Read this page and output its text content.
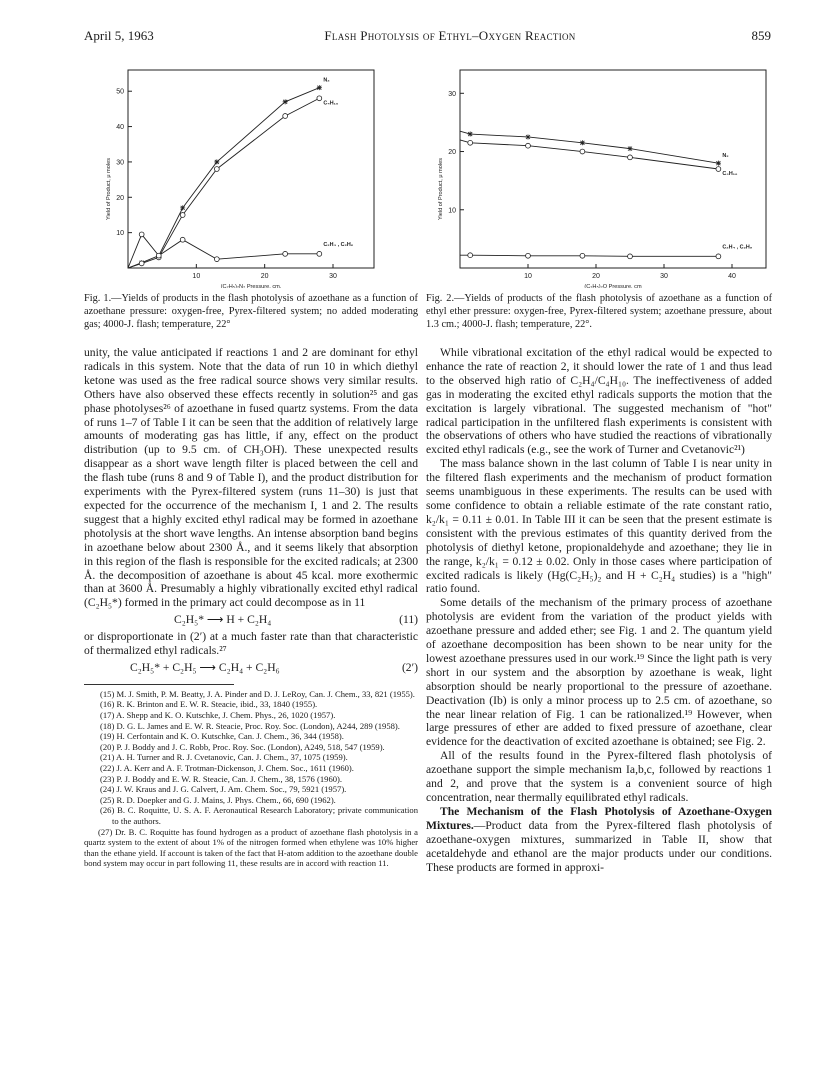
April 5, 1963	Flash Photolysis of Ethyl–Oxygen Reaction	859
10	20	30
10
20
30
40
50
(C₂H₅)₂N₂ Pressure, cm.
Yield of Product, μ moles
N₂
C₄H₁₀
C₂H₄ , C₂H₆
Fig. 1.—Yields of products in the flash photolysis of azoethane as a function of azoethane pressure: oxygen-free, Pyrex-filtered system; no added moderating gas; 4000-J. flash; temperature, 22°
10	20	30	40
10
20
30
(C₂H₅)₂O Pressure, cm
Yield of Product, μ moles
N₂
C₄H₁₀
C₂H₄ , C₂H₆
Fig. 2.—Yields of products of the flash photolysis of azoethane as a function of ethyl ether pressure: oxygen-free, Pyrex-filtered system; azoethane pressure, about 1.3 cm.; 4000-J. flash; temperature, 22°.

unity, the value anticipated if reactions 1 and 2 are dominant for ethyl radicals in this system. Note that the data of run 10 in which diethyl ketone was used as the free radical source shows very similar results. Others have also observed these effects recently in solution²⁵ and gas phase photolyses²⁶ of azoethane in fused quartz systems. From the data of runs 1–7 of Table I it can be seen that the addition of relatively large amounts of moderating gas has little, if any, effect on the product distribution (up to 9.5 cm. of CH₃OH). These unexpected results disappear as a short wave length filter is placed between the cell and the flash tube (runs 8 and 9 of Table I), and the product distribution for experiments with the Pyrex-filtered system (runs 11–30) is just that expected for the occurrence of the mechanism I, 1 and 2. The results suggest that a highly excited ethyl radical may be formed in azoethane photolysis at the short wave lengths. An intense absorption band begins in azoethane below about 2300 Å., and it seems likely that absorption in this region of the flash is responsible for the excited radicals; at 2300 Å. the decomposition of azoethane is about 45 kcal. more exothermic than at 3600 Å. Presumably a highly vibrationally excited ethyl radical (C₂H₅*) formed in the primary act could decompose as in 11

C₂H₅* ⟶ H + C₂H₄	(11)

or disproportionate in (2′) at a much faster rate than that characteristic of thermalized ethyl radicals.²⁷

C₂H₅* + C₂H₅ ⟶ C₂H₄ + C₂H₆	(2′)
(15) M. J. Smith, P. M. Beatty, J. A. Pinder and D. J. LeRoy, Can. J. Chem., 33, 821 (1955).
(16) R. K. Brinton and E. W. R. Steacie, ibid., 33, 1840 (1955).
(17) A. Shepp and K. O. Kutschke, J. Chem. Phys., 26, 1020 (1957).
(18) D. G. L. James and E. W. R. Steacie, Proc. Roy. Soc. (London), A244, 289 (1958).
(19) H. Cerfontain and K. O. Kutschke, Can. J. Chem., 36, 344 (1958).
(20) P. J. Boddy and J. C. Robb, Proc. Roy. Soc. (London), A249, 518, 547 (1959).
(21) A. H. Turner and R. J. Cvetanovic, Can. J. Chem., 37, 1075 (1959).
(22) J. A. Kerr and A. F. Trotman-Dickenson, J. Chem. Soc., 1611 (1960).
(23) P. J. Boddy and E. W. R. Steacie, Can. J. Chem., 38, 1576 (1960).
(24) J. W. Kraus and J. G. Calvert, J. Am. Chem. Soc., 79, 5921 (1957).
(25) R. D. Doepker and G. J. Mains, J. Phys. Chem., 66, 690 (1962).
(26) B. C. Roquitte, U. S. A. F. Aeronautical Research Laboratory; private communication to the authors.
(27) Dr. B. C. Roquitte has found hydrogen as a product of azoethane flash photolysis in a quartz system to the extent of about 1% of the nitrogen formed when ethylene was 10% higher than the ethane yield. If account is taken of the fact that H-atom addition to the azoethane double bond system may occur in part following 11, these results are in accord with reaction 11.

While vibrational excitation of the ethyl radical would be expected to enhance the rate of reaction 2, it should lower the rate of 1 and thus lead to the observed high ratio of C₂H₄/C₄H₁₀. The ineffectiveness of added gas in moderating the excited ethyl radicals supports the motion that the excitation is largely vibrational. The suggested mechanism of "hot" radical participation in the unfiltered flash experiments is consistent with the observations of others who have studied the reactions of vibrationally excited ethyl radicals (e.g., see the work of Turner and Cvetanovic²¹)

The mass balance shown in the last column of Table I is near unity in the filtered flash experiments and the mechanism of product formation seems unambiguous in these experiments. The results can be used with some confidence to obtain a reliable estimate of the rate constant ratio, k₂/k₁ = 0.11 ± 0.01. In Table III it can be seen that the present estimate is consistent with the previous estimates of this quantity derived from the photolysis of diethyl ketone, propionaldehyde and azoethane; they lie in the range, k₂/k₁ = 0.12 ± 0.02. Only in those cases where participation of excited radicals is likely (Hg(C₂H₅)₂ and H + C₂H₄ studies) is a "high" ratio found.

Some details of the mechanism of the primary process of azoethane photolysis are evident from the variation of the product yields with azoethane pressure and added ether; see Fig. 1 and 2. The quantum yield of azoethane decomposition has been shown to be near unity for the lowest azoethane pressures used in our work.¹⁹ Since the light path is very short in our system and the absorption by azoethane is weak, light absorption should be nearly proportional to the pressure of azoethane. Deactivation (Ib) is only a minor process up to 2.5 cm. of azoethane, so the near linear relation of Fig. 1 can be rationalized.¹⁹ However, when large pressures of ether are added to fixed pressure of azoethane, clear evidence for the deactivation of excited azoethane is obtained; see Fig. 2.

All of the results found in the Pyrex-filtered flash photolysis of azoethane support the simple mechanism Ia,b,c, followed by reactions 1 and 2, and prove that the system is a convenient source of high concentration, near thermally equilibrated ethyl radicals.

The Mechanism of the Flash Photolysis of Azoethane-Oxygen Mixtures.—Product data from the Pyrex-filtered flash photolysis of azoethane-oxygen mixtures, summarized in Table II, show that acetaldehyde and ethanol are the major products under our conditions. These products are formed in approxi-
